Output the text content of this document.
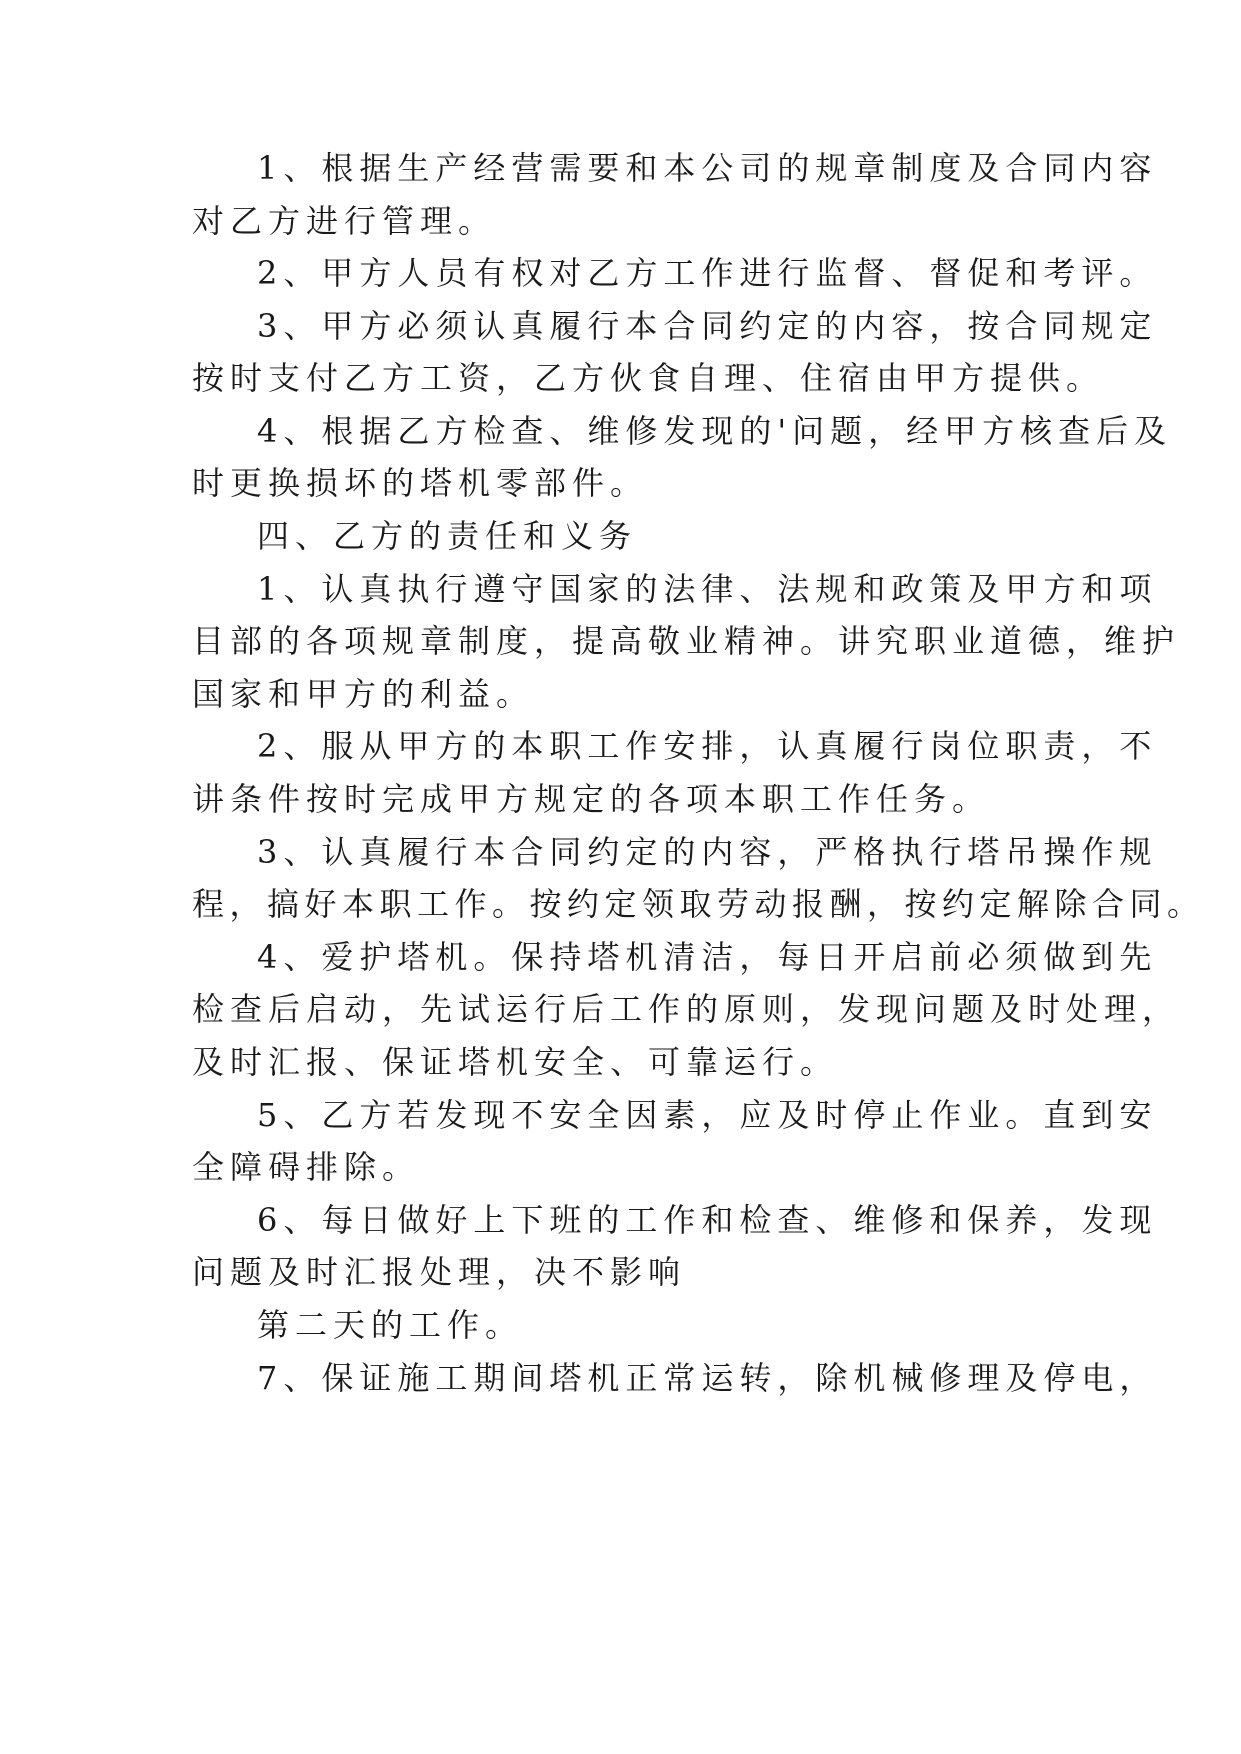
1、根据生产经营需要和本公司的规章制度及合同内容

对乙方进行管理。

2、甲方人员有权对乙方工作进行监督、督促和考评。

3、甲方必须认真履行本合同约定的内容，按合同规定

按时支付乙方工资，乙方伙食自理、住宿由甲方提供。

4、根据乙方检查、维修发现的'问题，经甲方核查后及

时更换损坏的塔机零部件。

四、乙方的责任和义务

1、认真执行遵守国家的法律、法规和政策及甲方和项

目部的各项规章制度，提高敬业精神。讲究职业道德，维护

国家和甲方的利益。

2、服从甲方的本职工作安排，认真履行岗位职责，不

讲条件按时完成甲方规定的各项本职工作任务。

3、认真履行本合同约定的内容，严格执行塔吊操作规

程，搞好本职工作。按约定领取劳动报酬，按约定解除合同。

4、爱护塔机。保持塔机清洁，每日开启前必须做到先

检查后启动，先试运行后工作的原则，发现问题及时处理，

及时汇报、保证塔机安全、可靠运行。

5、乙方若发现不安全因素，应及时停止作业。直到安

全障碍排除。

6、每日做好上下班的工作和检查、维修和保养，发现

问题及时汇报处理，决不影响

第二天的工作。

7、保证施工期间塔机正常运转，除机械修理及停电，
